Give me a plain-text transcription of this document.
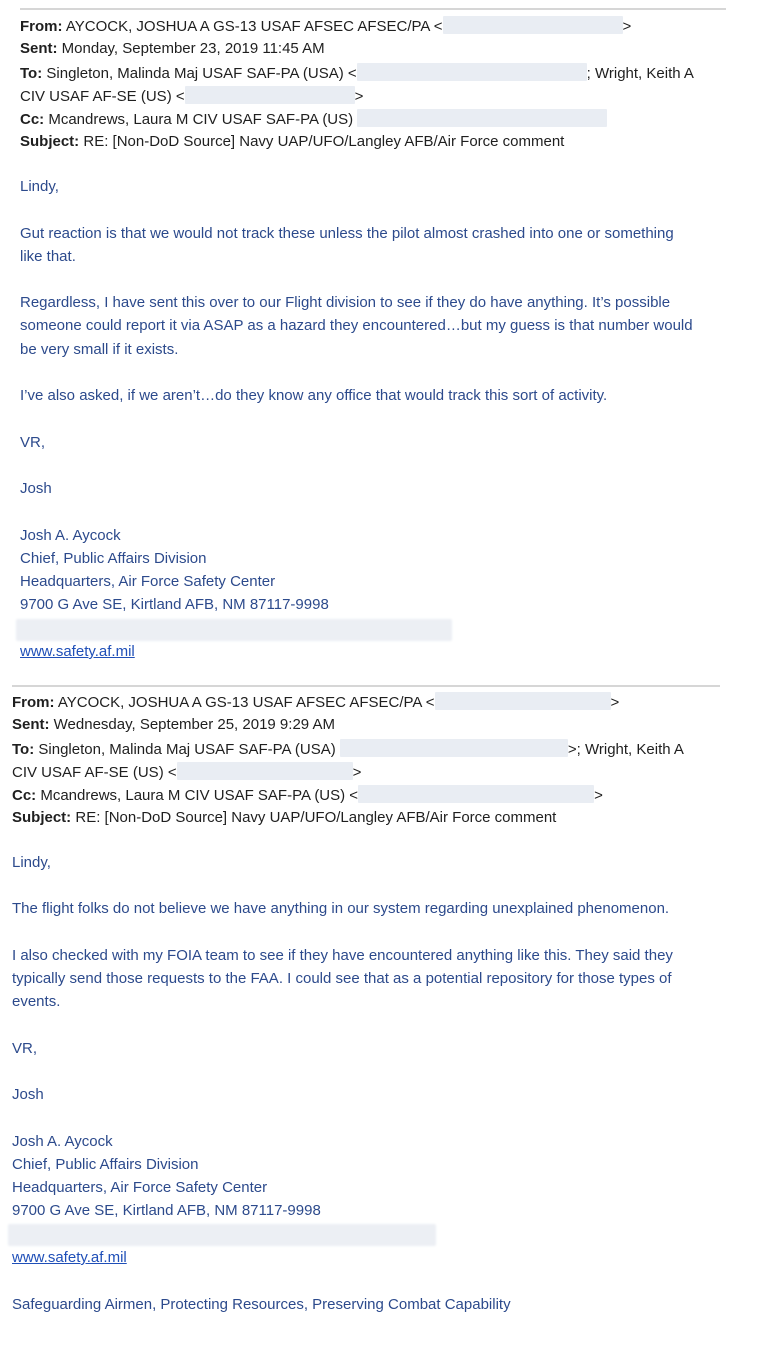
From: AYCOCK, JOSHUA A GS-13 USAF AFSEC AFSEC/PA <	>
Sent: Monday, September 23, 2019 11:45 AM
To: Singleton, Malinda Maj USAF SAF-PA (USA) <	; Wright, Keith A
CIV USAF AF-SE (US) <	>
Cc: Mcandrews, Laura M CIV USAF SAF-PA (US)
Subject: RE: [Non-DoD Source] Navy UAP/UFO/Langley AFB/Air Force comment
Lindy,
Gut reaction is that we would not track these unless the pilot almost crashed into one or something
like that.
Regardless, I have sent this over to our Flight division to see if they do have anything. It’s possible
someone could report it via ASAP as a hazard they encountered…but my guess is that number would
be very small if it exists.
I’ve also asked, if we aren’t…do they know any office that would track this sort of activity.
VR,
Josh
Josh A. Aycock
Chief, Public Affairs Division
Headquarters, Air Force Safety Center
9700 G Ave SE, Kirtland AFB, NM 87117-9998
www.safety.af.mil
From: AYCOCK, JOSHUA A GS-13 USAF AFSEC AFSEC/PA <	>
Sent: Wednesday, September 25, 2019 9:29 AM
To: Singleton, Malinda Maj USAF SAF-PA (USA)	>; Wright, Keith A
CIV USAF AF-SE (US) <	>
Cc: Mcandrews, Laura M CIV USAF SAF-PA (US) <	>
Subject: RE: [Non-DoD Source] Navy UAP/UFO/Langley AFB/Air Force comment
Lindy,
The flight folks do not believe we have anything in our system regarding unexplained phenomenon.
I also checked with my FOIA team to see if they have encountered anything like this. They said they
typically send those requests to the FAA. I could see that as a potential repository for those types of
events.
VR,
Josh
Josh A. Aycock
Chief, Public Affairs Division
Headquarters, Air Force Safety Center
9700 G Ave SE, Kirtland AFB, NM 87117-9998
www.safety.af.mil
Safeguarding Airmen, Protecting Resources, Preserving Combat Capability
